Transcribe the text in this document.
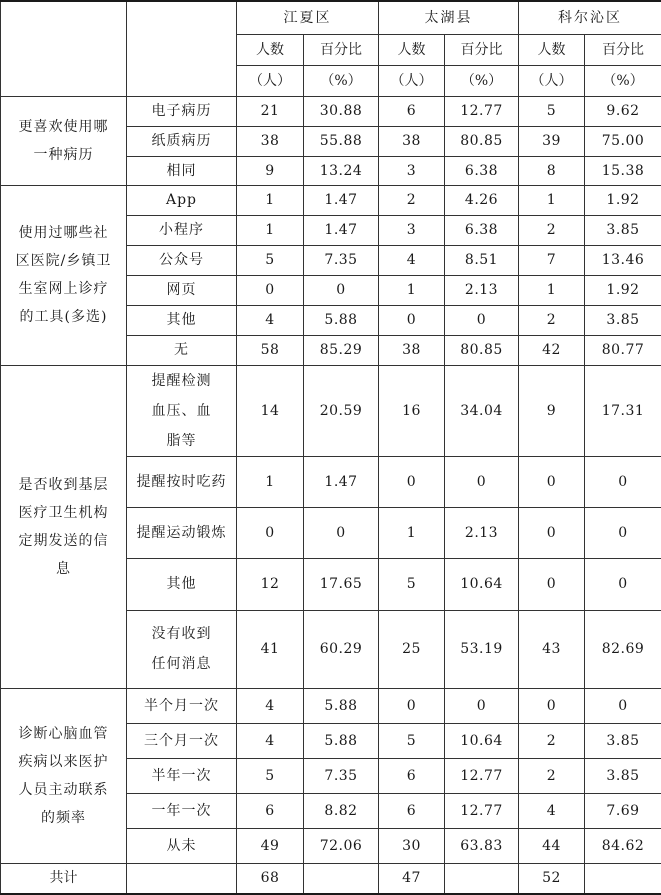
		江夏区		太湖县		科尔沁区	
		人数	百分比	人数	百分比	人数	百分比
		（人）	（%）	（人）	（%）	（人）	（%）
更喜欢使用哪一种病历	电子病历	21	30.88	6	12.77	5	9.62
	纸质病历	38	55.88	38	80.85	39	75.00
	相同	9	13.24	3	6.38	8	15.38
使用过哪些社区医院/乡镇卫生室网上诊疗的工具(多选)	App	1	1.47	2	4.26	1	1.92
	小程序	1	1.47	3	6.38	2	3.85
	公众号	5	7.35	4	8.51	7	13.46
	网页	0	0	1	2.13	1	1.92
	其他	4	5.88	0	0	2	3.85
	无	58	85.29	38	80.85	42	80.77
是否收到基层医疗卫生机构定期发送的信息	提醒检测血压、血脂等	14	20.59	16	34.04	9	17.31
	提醒按时吃药	1	1.47	0	0	0	0
	提醒运动锻炼	0	0	1	2.13	0	0
	其他	12	17.65	5	10.64	0	0
	没有收到任何消息	41	60.29	25	53.19	43	82.69
诊断心脑血管疾病以来医护人员主动联系的频率	半个月一次	4	5.88	0	0	0	0
	三个月一次	4	5.88	5	10.64	2	3.85
	半年一次	5	7.35	6	12.77	2	3.85
	一年一次	6	8.82	6	12.77	4	7.69
	从未	49	72.06	30	63.83	44	84.62
共计		68		47		52	
